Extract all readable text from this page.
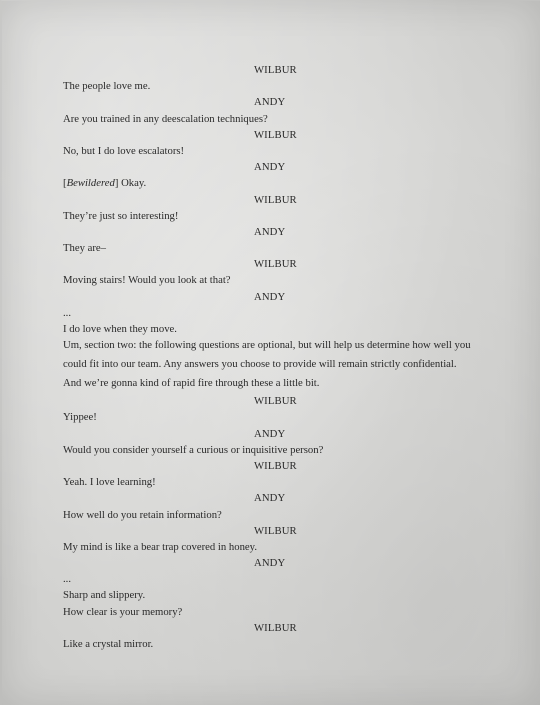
WILBUR
The people love me.
ANDY
Are you trained in any deescalation techniques?
WILBUR
No, but I do love escalators!
ANDY
[Bewildered] Okay.
WILBUR
They’re just so interesting!
ANDY
They are–
WILBUR
Moving stairs! Would you look at that?
ANDY
...
I do love when they move.
Um, section two: the following questions are optional, but will help us determine how well you could fit into our team. Any answers you choose to provide will remain strictly confidential. And we’re gonna kind of rapid fire through these a little bit.
WILBUR
Yippee!
ANDY
Would you consider yourself a curious or inquisitive person?
WILBUR
Yeah. I love learning!
ANDY
How well do you retain information?
WILBUR
My mind is like a bear trap covered in honey.
ANDY
...
Sharp and slippery.
How clear is your memory?
WILBUR
Like a crystal mirror.
